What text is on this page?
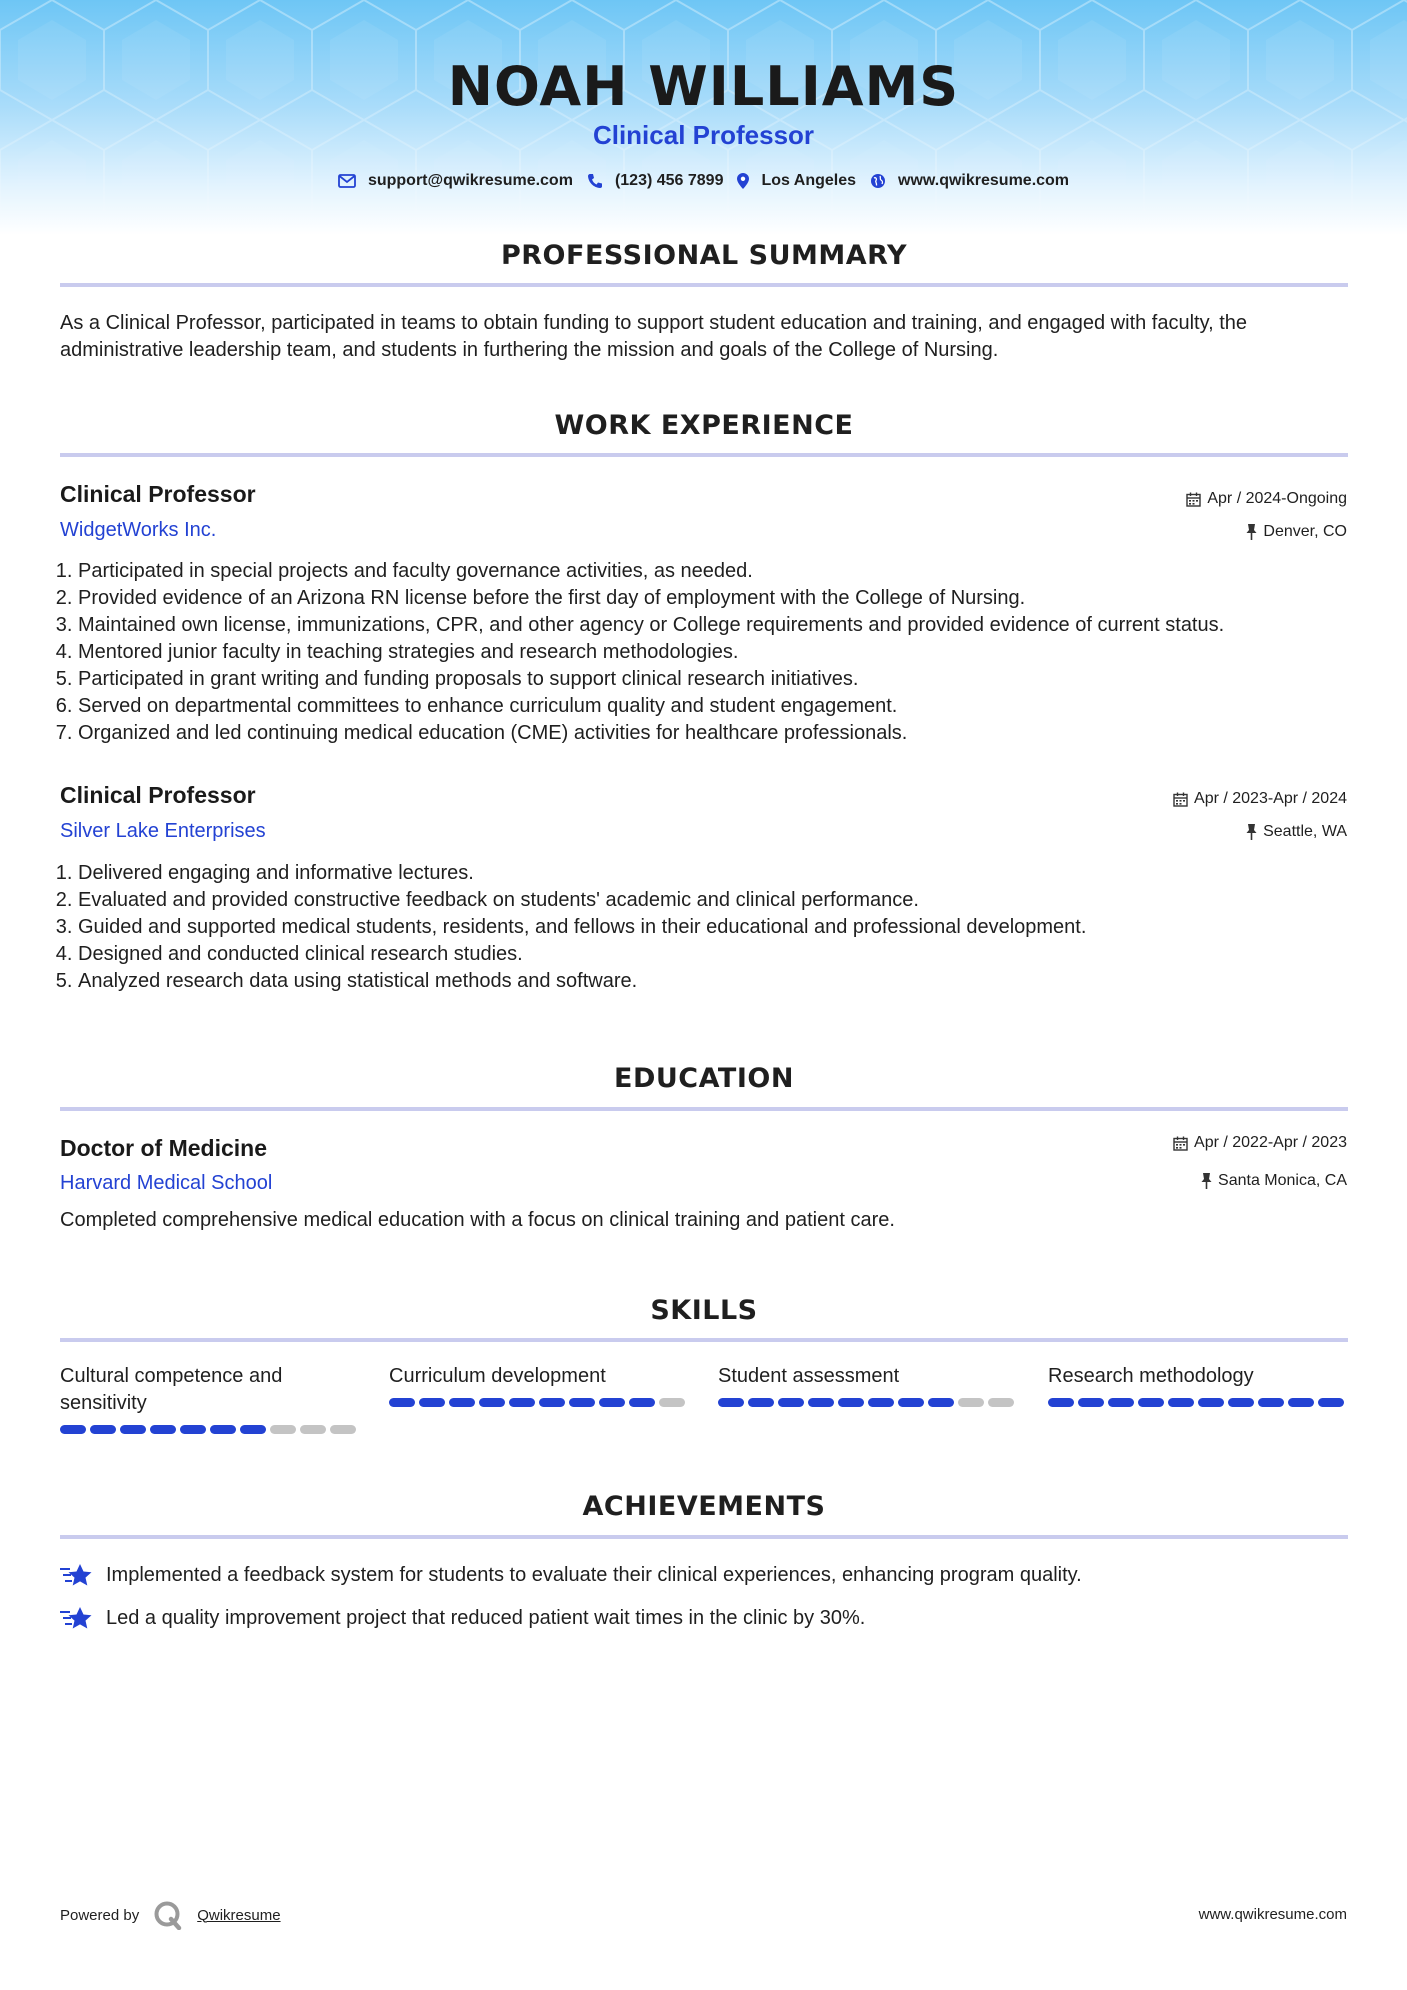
NOAH WILLIAMS
Clinical Professor
support@qwikresume.com	(123) 456 7899 Los Angeles	www.qwikresume.com
PROFESSIONAL SUMMARY
As a Clinical Professor, participated in teams to obtain funding to support student education and training, and engaged with faculty, the administrative leadership team, and students in furthering the mission and goals of the College of Nursing.
WORK EXPERIENCE
Clinical Professor	Apr / 2024-Ongoing
WidgetWorks Inc.	Denver, CO
1. Participated in special projects and faculty governance activities, as needed.
2. Provided evidence of an Arizona RN license before the first day of employment with the College of Nursing.
3. Maintained own license, immunizations, CPR, and other agency or College requirements and provided evidence of current status.
4. Mentored junior faculty in teaching strategies and research methodologies.
5. Participated in grant writing and funding proposals to support clinical research initiatives.
6. Served on departmental committees to enhance curriculum quality and student engagement.
7. Organized and led continuing medical education (CME) activities for healthcare professionals.
Clinical Professor	Apr / 2023-Apr / 2024
Silver Lake Enterprises	Seattle, WA
1. Delivered engaging and informative lectures.
2. Evaluated and provided constructive feedback on students' academic and clinical performance.
3. Guided and supported medical students, residents, and fellows in their educational and professional development.
4. Designed and conducted clinical research studies.
5. Analyzed research data using statistical methods and software.
EDUCATION
Doctor of Medicine	Apr / 2022-Apr / 2023
Harvard Medical School	Santa Monica, CA
Completed comprehensive medical education with a focus on clinical training and patient care.
SKILLS
Cultural competence and sensitivity
Curriculum development	Student assessment	Research methodology
ACHIEVEMENTS
Implemented a feedback system for students to evaluate their clinical experiences, enhancing program quality.
Led a quality improvement project that reduced patient wait times in the clinic by 30%.
Powered by	Qwikresume	www.qwikresume.com
